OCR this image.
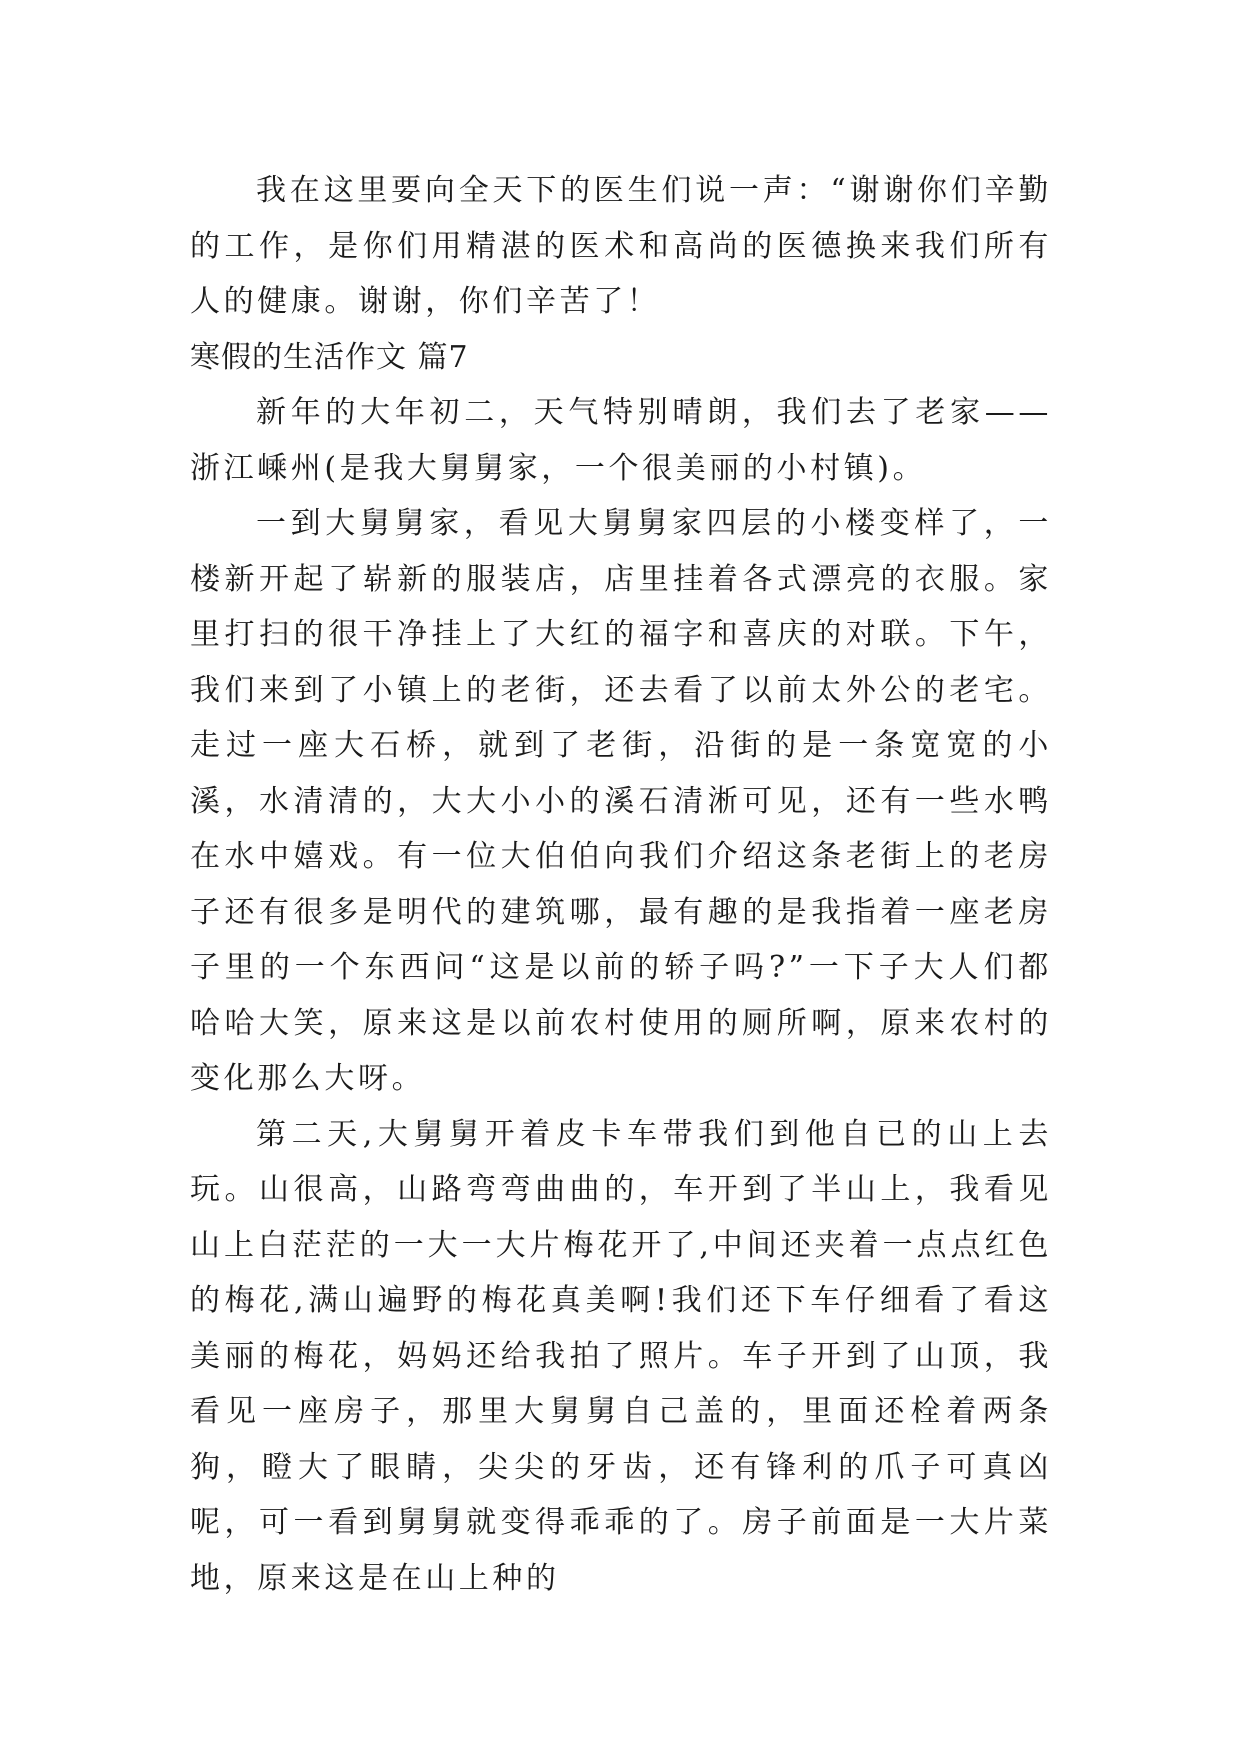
我在这里要向全天下的医生们说一声：“谢谢你们辛勤的工作，是你们用精湛的医术和高尚的医德换来我们所有人的健康。谢谢，你们辛苦了！

寒假的生活作文 篇7

新年的大年初二，天气特别晴朗，我们去了老家——浙江嵊州(是我大舅舅家，一个很美丽的小村镇)。

一到大舅舅家，看见大舅舅家四层的小楼变样了，一楼新开起了崭新的服装店，店里挂着各式漂亮的衣服。家里打扫的很干净挂上了大红的福字和喜庆的对联。下午，我们来到了小镇上的老街，还去看了以前太外公的老宅。走过一座大石桥，就到了老街，沿街的是一条宽宽的小溪，水清清的，大大小小的溪石清淅可见，还有一些水鸭在水中嬉戏。有一位大伯伯向我们介绍这条老街上的老房子还有很多是明代的建筑哪，最有趣的是我指着一座老房子里的一个东西问“这是以前的轿子吗?”一下子大人们都哈哈大笑，原来这是以前农村使用的厕所啊，原来农村的变化那么大呀。

第二天,大舅舅开着皮卡车带我们到他自已的山上去玩。山很高，山路弯弯曲曲的，车开到了半山上，我看见山上白茫茫的一大一大片梅花开了,中间还夹着一点点红色的梅花,满山遍野的梅花真美啊!我们还下车仔细看了看这美丽的梅花，妈妈还给我拍了照片。车子开到了山顶，我看见一座房子，那里大舅舅自己盖的，里面还栓着两条狗，瞪大了眼睛，尖尖的牙齿，还有锋利的爪子可真凶呢，可一看到舅舅就变得乖乖的了。房子前面是一大片菜地，原来这是在山上种的
